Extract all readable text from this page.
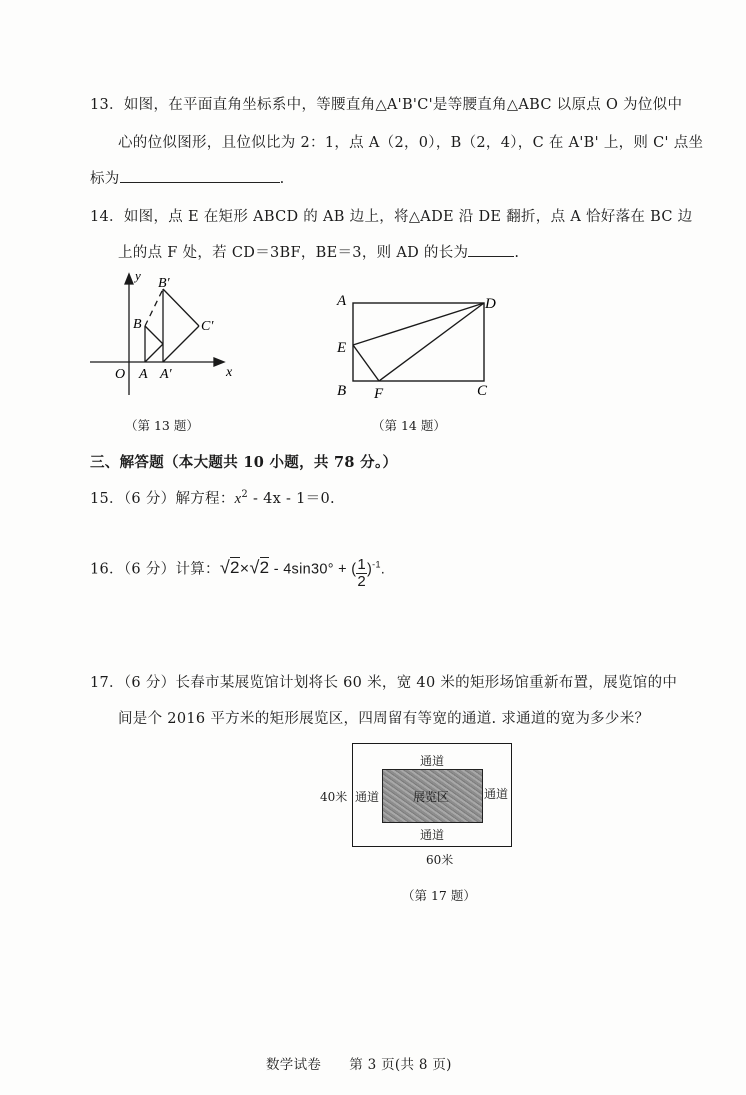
13．如图，在平面直角坐标系中，等腰直角△A'B'C'是等腰直角△ABC 以原点 O 为位似中
心的位似图形，且位似比为 2：1，点 A（2，0），B（2，4），C 在 A'B' 上，则 C' 点坐
标为	.
14．如图，点 E 在矩形 ABCD 的 AB 边上，将△ADE 沿 DE 翻折，点 A 恰好落在 BC 边
上的点 F 处，若 CD＝3BF，BE＝3，则 AD 的长为	.
y
x
O A A′
B
B′
C′
（第 13 题）
A	D
E
B F	C
（第 14 题）
三、解答题（本大题共 10 小题，共 78 分。）
15．（6 分）解方程：$x^2 - 4x - 1=0$.
16．（6 分）计算：√2×√2 - 4sin30° + ( $\frac{1}{2} )^{-1}$.
17．（6 分）长春市某展览馆计划将长 60 米，宽 40 米的矩形场馆重新布置，展览馆的中
间是个 2016 平方米的矩形展览区，四周留有等宽的通道. 求通道的宽为多少米？
展览区
通道
通道
通道	通道
40米
60米
（第 17 题）
数学试卷 第 3 页(共 8 页)
